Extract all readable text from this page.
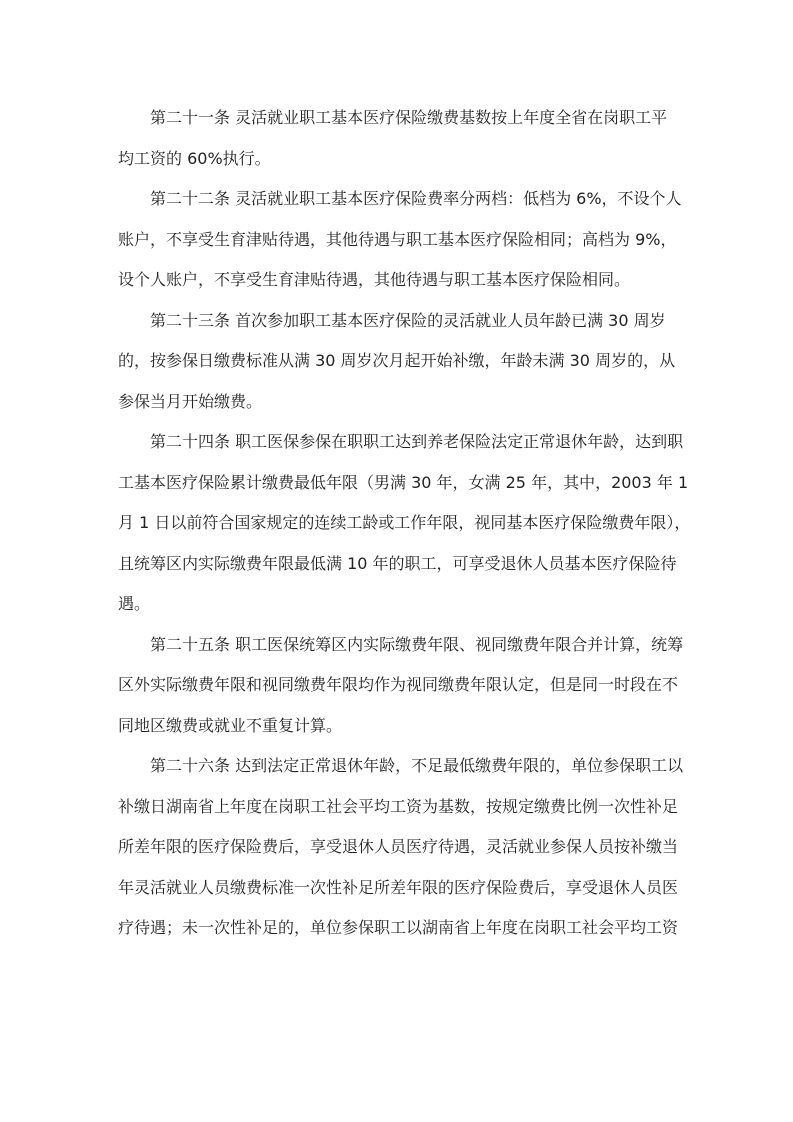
第二十一条 灵活就业职工基本医疗保险缴费基数按上年度全省在岗职工平
均工资的 60%执行。
第二十二条 灵活就业职工基本医疗保险费率分两档：低档为 6%，不设个人
账户，不享受生育津贴待遇，其他待遇与职工基本医疗保险相同；高档为 9%，
设个人账户，不享受生育津贴待遇，其他待遇与职工基本医疗保险相同。
第二十三条 首次参加职工基本医疗保险的灵活就业人员年龄已满 30 周岁
的，按参保日缴费标准从满 30 周岁次月起开始补缴，年龄未满 30 周岁的，从
参保当月开始缴费。
第二十四条 职工医保参保在职职工达到养老保险法定正常退休年龄，达到职
工基本医疗保险累计缴费最低年限（男满 30 年，女满 25 年，其中，2003 年 1
月 1 日以前符合国家规定的连续工龄或工作年限，视同基本医疗保险缴费年限），
且统筹区内实际缴费年限最低满 10 年的职工，可享受退休人员基本医疗保险待
遇。
第二十五条 职工医保统筹区内实际缴费年限、视同缴费年限合并计算，统筹
区外实际缴费年限和视同缴费年限均作为视同缴费年限认定，但是同一时段在不
同地区缴费或就业不重复计算。
第二十六条 达到法定正常退休年龄，不足最低缴费年限的，单位参保职工以
补缴日湖南省上年度在岗职工社会平均工资为基数，按规定缴费比例一次性补足
所差年限的医疗保险费后，享受退休人员医疗待遇，灵活就业参保人员按补缴当
年灵活就业人员缴费标准一次性补足所差年限的医疗保险费后，享受退休人员医
疗待遇；未一次性补足的，单位参保职工以湖南省上年度在岗职工社会平均工资
